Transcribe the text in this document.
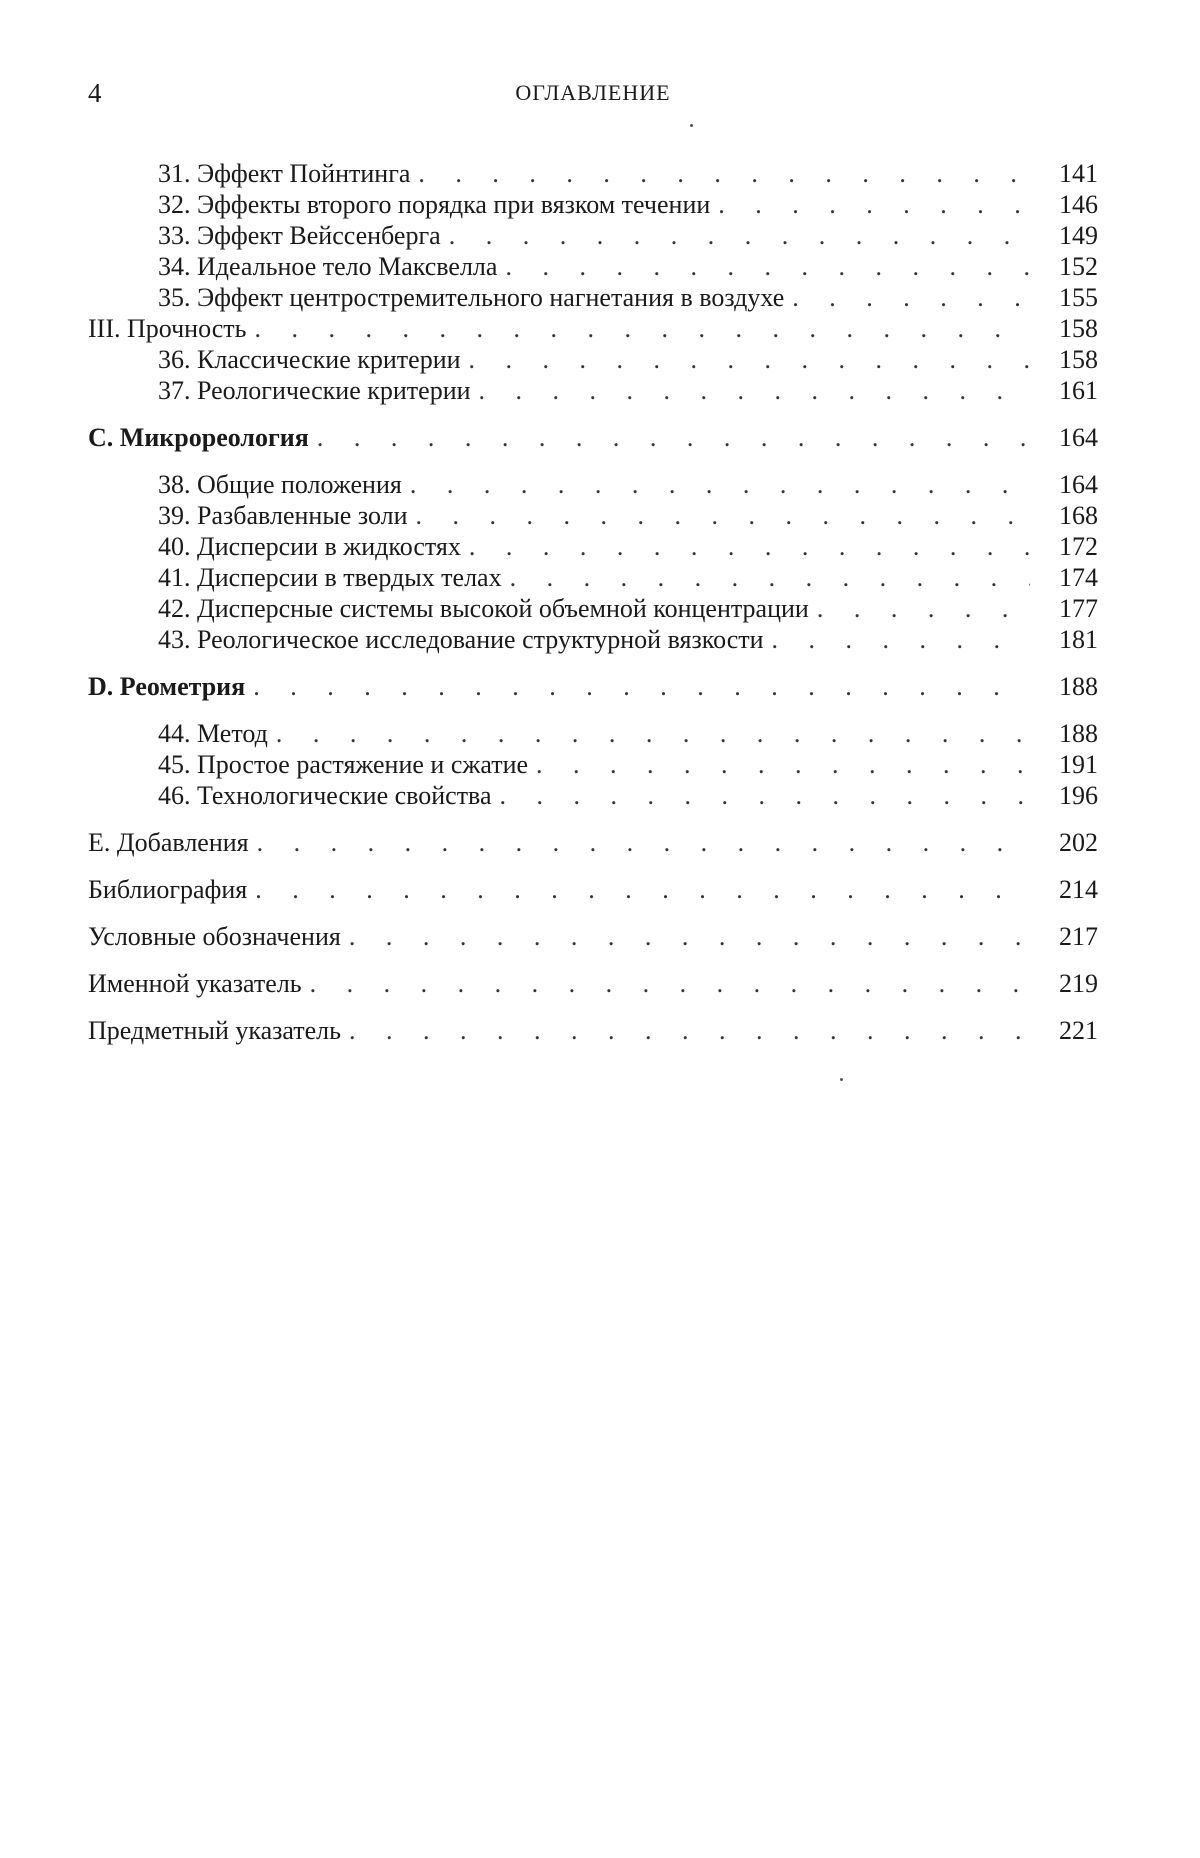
4	ОГЛАВЛЕНИЕ
31. Эффект Пойнтинга . . .	141
32. Эффекты второго порядка при вязком течении . . .	146
33. Эффект Вейссенберга . . .	149
34. Идеальное тело Максвелла . . .	152
35. Эффект центростремительного нагнетания в воздухе . . .	155
III. Прочность . . .	158
36. Классические критерии . . .	158
37. Реологические критерии . . .	161
C. Микрореология . . .	164
38. Общие положения . . .	164
39. Разбавленные золи . . .	168
40. Дисперсии в жидкостях . . .	172
41. Дисперсии в твердых телах . . .	174
42. Дисперсные системы высокой объемной концентрации . . .	177
43. Реологическое исследование структурной вязкости . . .	181
D. Реометрия . . .	188
44. Метод . . .	188
45. Простое растяжение и сжатие . . .	191
46. Технологические свойства . . .	196
E. Добавления . . .	202
Библиография . . .	214
Условные обозначения . . .	217
Именной указатель . . .	219
Предметный указатель . . .	221
